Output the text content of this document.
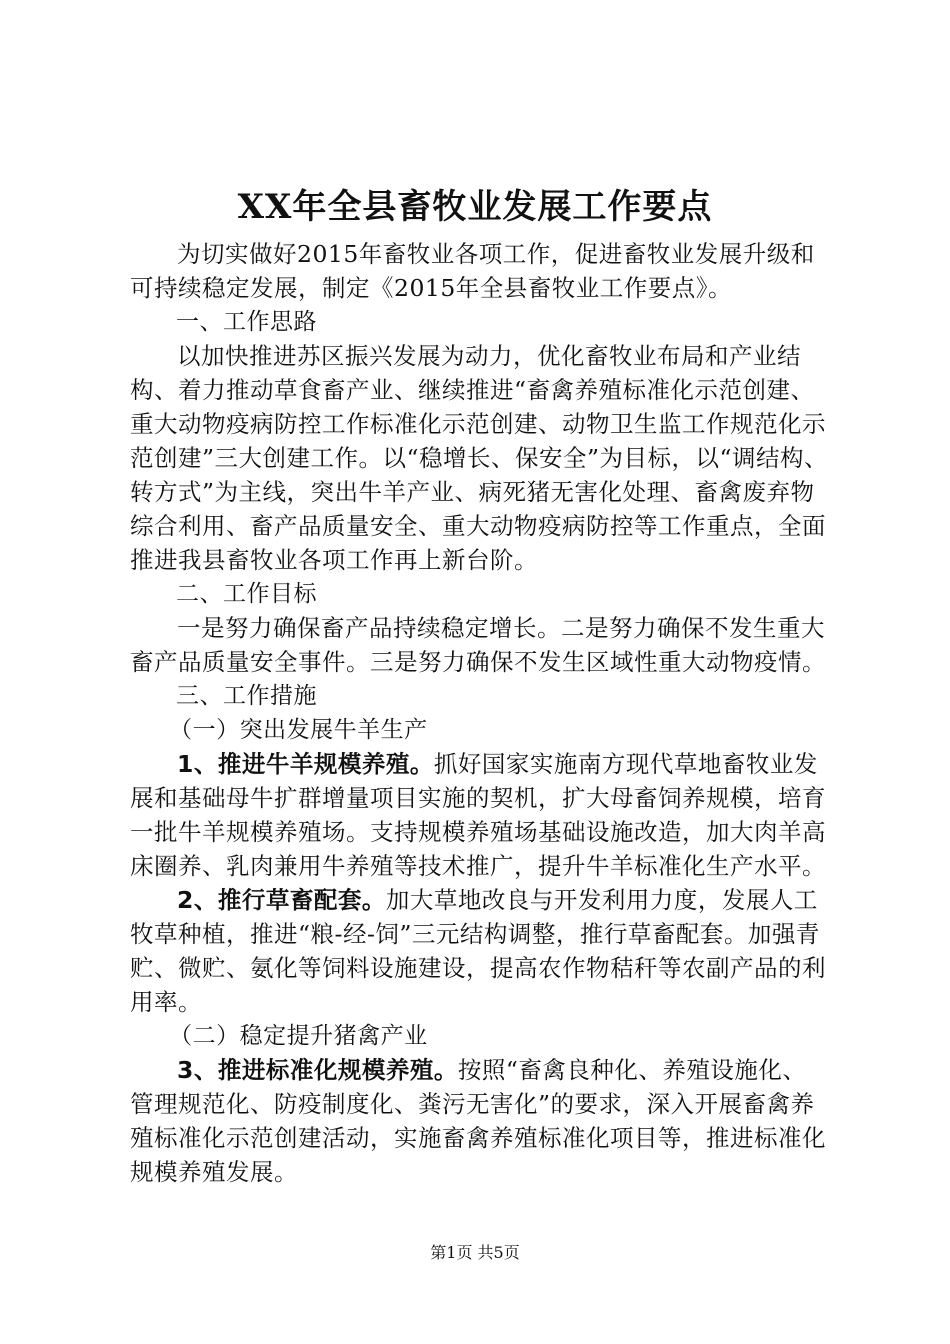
XX年全县畜牧业发展工作要点

为切实做好2015年畜牧业各项工作，促进畜牧业发展升级和可持续稳定发展，制定《2015年全县畜牧业工作要点》。

一、工作思路

以加快推进苏区振兴发展为动力，优化畜牧业布局和产业结构、着力推动草食畜产业、继续推进“畜禽养殖标准化示范创建、重大动物疫病防控工作标准化示范创建、动物卫生监工作规范化示范创建”三大创建工作。以“稳增长、保安全”为目标，以“调结构、转方式”为主线，突出牛羊产业、病死猪无害化处理、畜禽废弃物综合利用、畜产品质量安全、重大动物疫病防控等工作重点，全面推进我县畜牧业各项工作再上新台阶。

二、工作目标

一是努力确保畜产品持续稳定增长。二是努力确保不发生重大畜产品质量安全事件。三是努力确保不发生区域性重大动物疫情。

三、工作措施

（一）突出发展牛羊生产

1、推进牛羊规模养殖。抓好国家实施南方现代草地畜牧业发展和基础母牛扩群增量项目实施的契机，扩大母畜饲养规模，培育一批牛羊规模养殖场。支持规模养殖场基础设施改造，加大肉羊高床圈养、乳肉兼用牛养殖等技术推广，提升牛羊标准化生产水平。

2、推行草畜配套。加大草地改良与开发利用力度，发展人工牧草种植，推进“粮-经-饲”三元结构调整，推行草畜配套。加强青贮、微贮、氨化等饲料设施建设，提高农作物秸秆等农副产品的利用率。

（二）稳定提升猪禽产业

3、推进标准化规模养殖。按照“畜禽良种化、养殖设施化、管理规范化、防疫制度化、粪污无害化”的要求，深入开展畜禽养殖标准化示范创建活动，实施畜禽养殖标准化项目等，推进标准化规模养殖发展。

第1页 共5页
